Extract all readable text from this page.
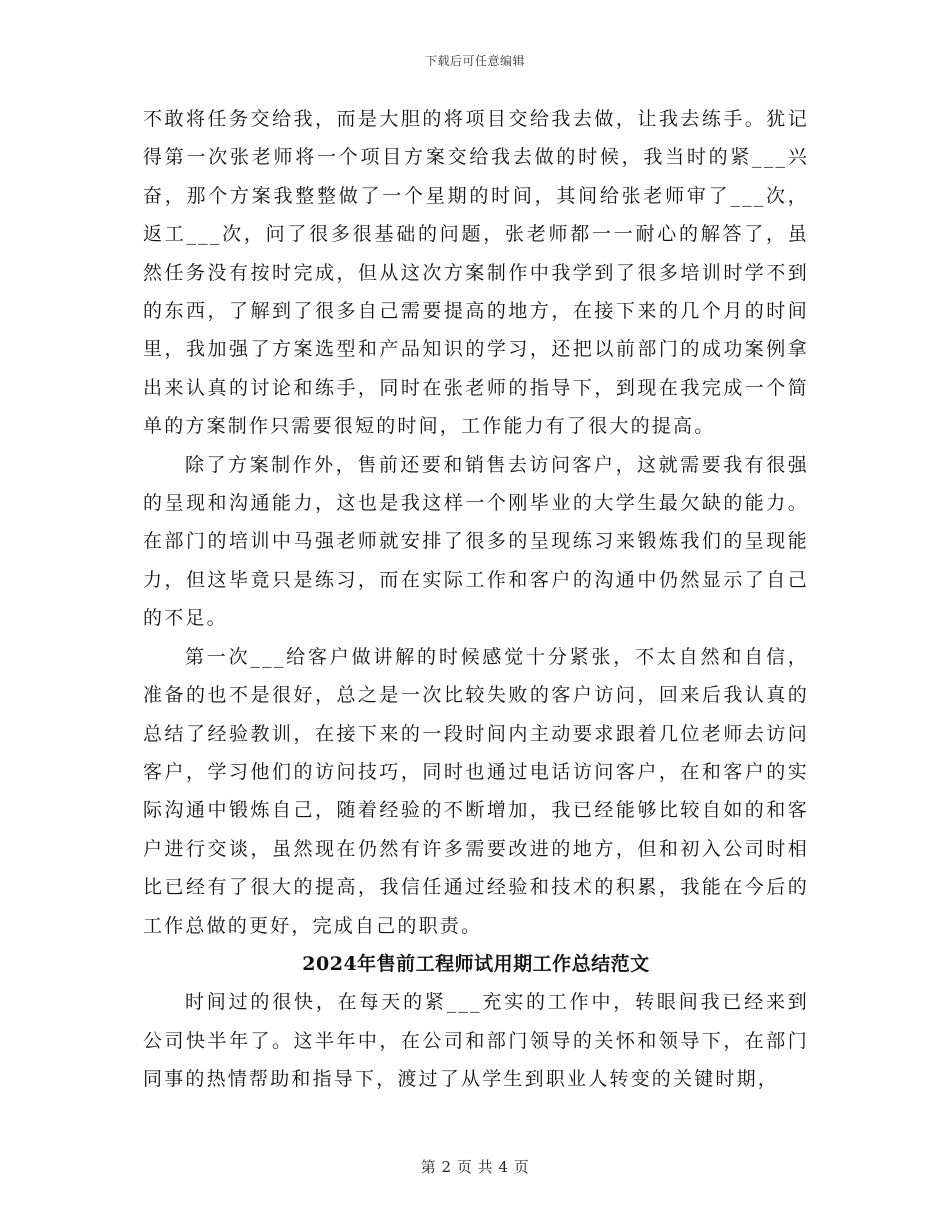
下载后可任意编辑

不敢将任务交给我，而是大胆的将项目交给我去做，让我去练手。犹记得第一次张老师将一个项目方案交给我去做的时候，我当时的紧___兴奋，那个方案我整整做了一个星期的时间，其间给张老师审了___次，返工___次，问了很多很基础的问题，张老师都一一耐心的解答了，虽然任务没有按时完成，但从这次方案制作中我学到了很多培训时学不到的东西，了解到了很多自己需要提高的地方，在接下来的几个月的时间里，我加强了方案选型和产品知识的学习，还把以前部门的成功案例拿出来认真的讨论和练手，同时在张老师的指导下，到现在我完成一个简单的方案制作只需要很短的时间，工作能力有了很大的提高。

除了方案制作外，售前还要和销售去访问客户，这就需要我有很强的呈现和沟通能力，这也是我这样一个刚毕业的大学生最欠缺的能力。在部门的培训中马强老师就安排了很多的呈现练习来锻炼我们的呈现能力，但这毕竟只是练习，而在实际工作和客户的沟通中仍然显示了自己的不足。

第一次___给客户做讲解的时候感觉十分紧张，不太自然和自信，准备的也不是很好，总之是一次比较失败的客户访问，回来后我认真的总结了经验教训，在接下来的一段时间内主动要求跟着几位老师去访问客户，学习他们的访问技巧，同时也通过电话访问客户，在和客户的实际沟通中锻炼自己，随着经验的不断增加，我已经能够比较自如的和客户进行交谈，虽然现在仍然有许多需要改进的地方，但和初入公司时相比已经有了很大的提高，我信任通过经验和技术的积累，我能在今后的工作总做的更好，完成自己的职责。

2024年售前工程师试用期工作总结范文

时间过的很快，在每天的紧___充实的工作中，转眼间我已经来到公司快半年了。这半年中，在公司和部门领导的关怀和领导下，在部门同事的热情帮助和指导下，渡过了从学生到职业人转变的关键时期，

第 2 页 共 4 页
